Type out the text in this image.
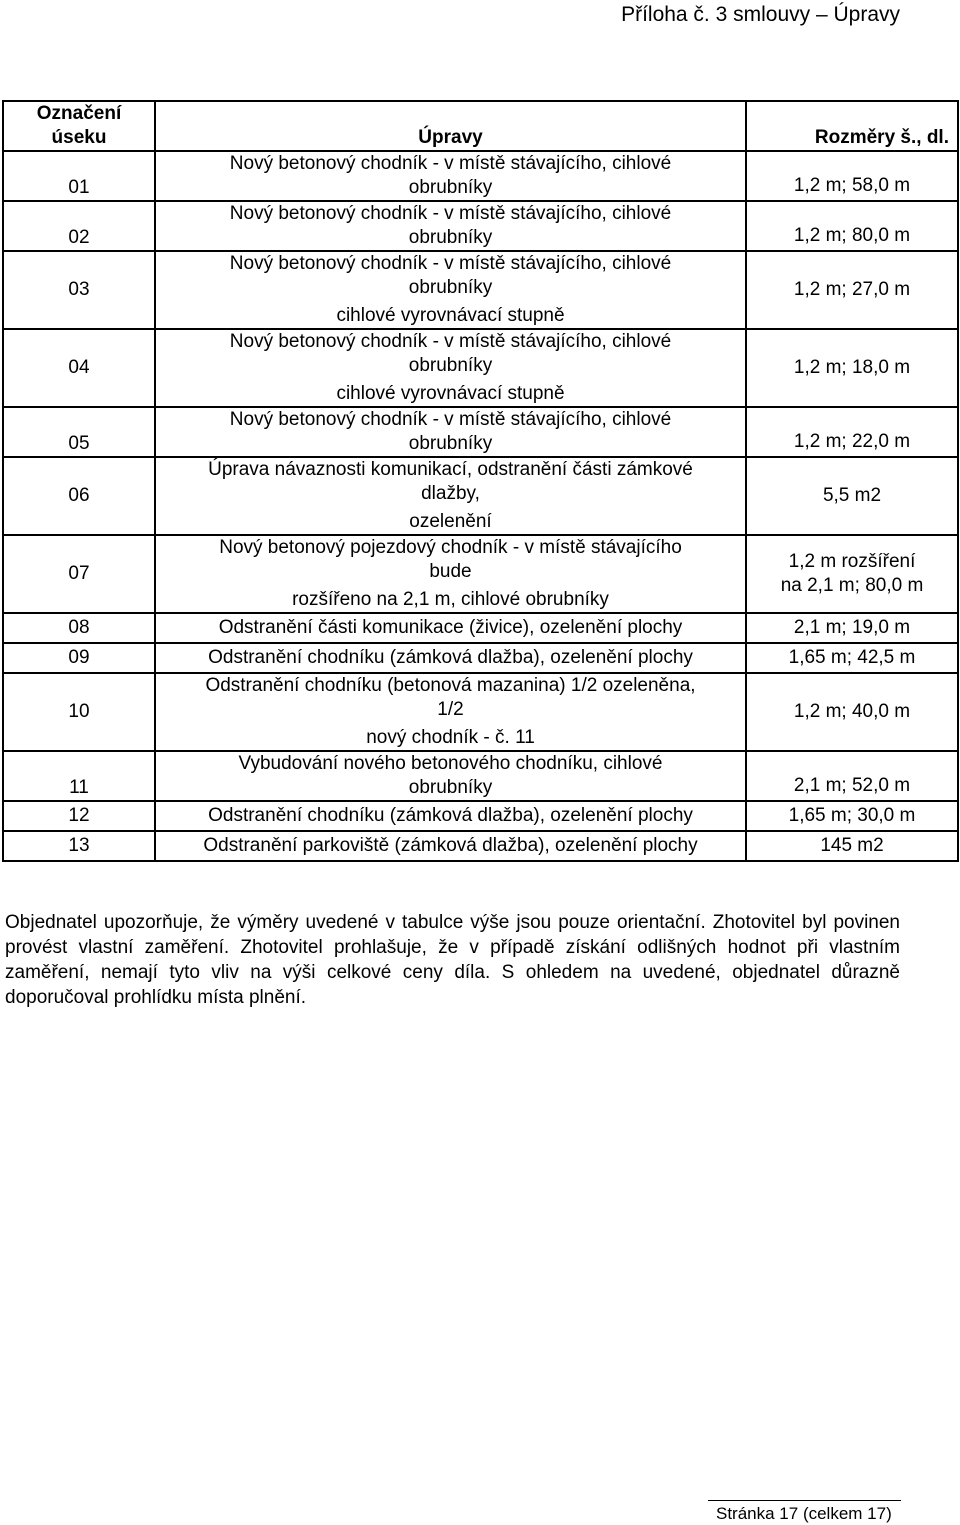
Příloha č. 3 smlouvy – Úpravy
Označení
úseku	Úpravy	Rozměry š., dl.
01	Nový betonový chodník - v místě stávajícího, cihlové
obrubníky	1,2 m; 58,0 m

02	Nový betonový chodník - v místě stávajícího, cihlové
obrubníky	1,2 m; 80,0 m

03	Nový betonový chodník - v místě stávajícího, cihlové
obrubníky
cihlové vyrovnávací stupně	1,2 m; 27,0 m

04	Nový betonový chodník - v místě stávajícího, cihlové
obrubníky
cihlové vyrovnávací stupně	1,2 m; 18,0 m

05	Nový betonový chodník - v místě stávajícího, cihlové
obrubníky	1,2 m; 22,0 m

06	Úprava návaznosti komunikací, odstranění části zámkové
dlažby,
ozelenění	5,5 m2

07	Nový betonový pojezdový chodník - v místě stávajícího
bude
rozšířeno na 2,1 m, cihlové obrubníky	1,2 m rozšíření
na 2,1 m; 80,0 m

08	Odstranění části komunikace (živice), ozelenění plochy	2,1 m; 19,0 m

09	Odstranění chodníku (zámková dlažba), ozelenění plochy	1,65 m; 42,5 m

10	Odstranění chodníku (betonová mazanina) 1/2 ozeleněna,
1/2
nový chodník - č. 11	1,2 m; 40,0 m

11	Vybudování nového betonového chodníku, cihlové
obrubníky	2,1 m; 52,0 m

12	Odstranění chodníku (zámková dlažba), ozelenění plochy	1,65 m; 30,0 m

13	Odstranění parkoviště (zámková dlažba), ozelenění plochy	145 m2
Objednatel upozorňuje, že výměry uvedené v tabulce výše jsou pouze orientační. Zhotovitel byl povinen provést vlastní zaměření. Zhotovitel prohlašuje, že v případě získání odlišných hodnot při vlastním zaměření, nemají tyto vliv na výši celkové ceny díla. S ohledem na uvedené, objednatel důrazně doporučoval prohlídku místa plnění.
Stránka 17 (celkem 17)
